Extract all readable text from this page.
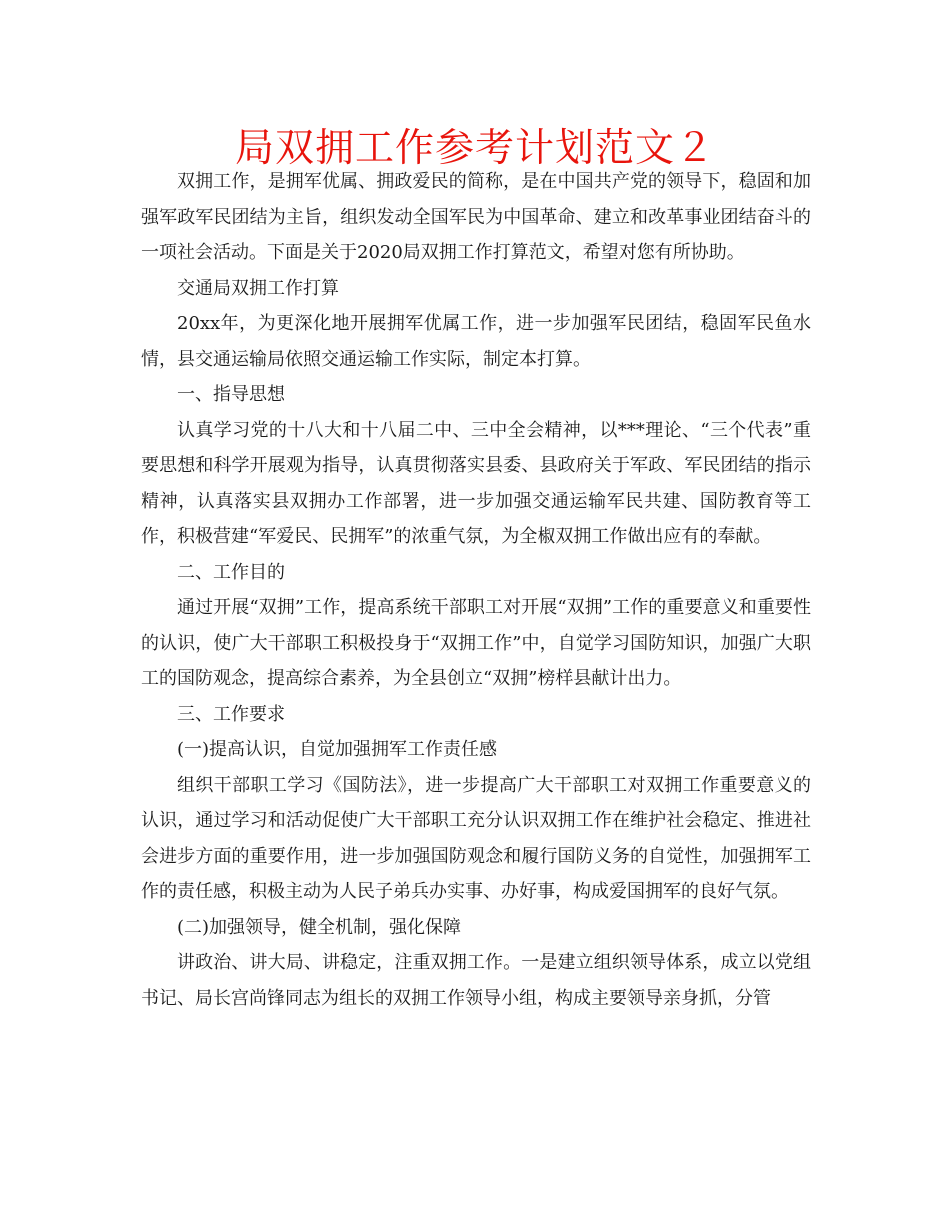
局双拥工作参考计划范文２

双拥工作，是拥军优属、拥政爱民的简称，是在中国共产党的领导下，稳固和加强军政军民团结为主旨，组织发动全国军民为中国革命、建立和改革事业团结奋斗的一项社会活动。下面是关于2020局双拥工作打算范文，希望对您有所协助。

交通局双拥工作打算

20xx年，为更深化地开展拥军优属工作，进一步加强军民团结，稳固军民鱼水情，县交通运输局依照交通运输工作实际，制定本打算。

一、指导思想

认真学习党的十八大和十八届二中、三中全会精神，以***理论、“三个代表”重要思想和科学开展观为指导，认真贯彻落实县委、县政府关于军政、军民团结的指示精神，认真落实县双拥办工作部署，进一步加强交通运输军民共建、国防教育等工作，积极营建“军爱民、民拥军”的浓重气氛，为全椒双拥工作做出应有的奉献。

二、工作目的

通过开展“双拥”工作，提高系统干部职工对开展“双拥”工作的重要意义和重要性的认识，使广大干部职工积极投身于“双拥工作”中，自觉学习国防知识，加强广大职工的国防观念，提高综合素养，为全县创立“双拥”榜样县献计出力。

三、工作要求

(一)提高认识，自觉加强拥军工作责任感

组织干部职工学习《国防法》，进一步提高广大干部职工对双拥工作重要意义的认识，通过学习和活动促使广大干部职工充分认识双拥工作在维护社会稳定、推进社会进步方面的重要作用，进一步加强国防观念和履行国防义务的自觉性，加强拥军工作的责任感，积极主动为人民子弟兵办实事、办好事，构成爱国拥军的良好气氛。

(二)加强领导，健全机制，强化保障

讲政治、讲大局、讲稳定，注重双拥工作。一是建立组织领导体系，成立以党组书记、局长宫尚锋同志为组长的双拥工作领导小组，构成主要领导亲身抓，分管
